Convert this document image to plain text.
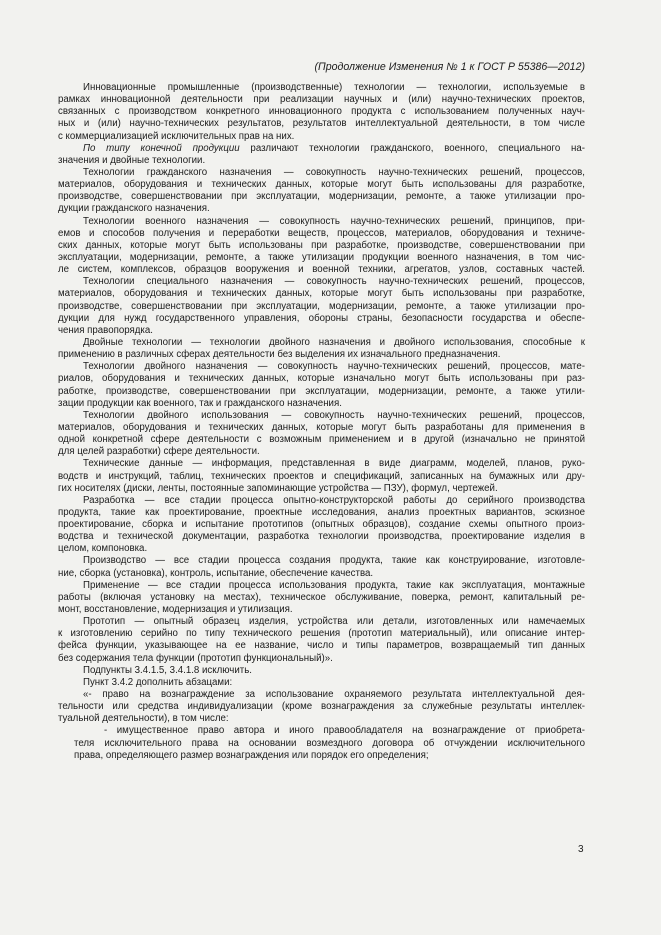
(Продолжение Изменения № 1 к ГОСТ Р 55386—2012)
Инновационные промышленные (производственные) технологии — технологии, используемые в
рамках инновационной деятельности при реализации научных и (или) научно-технических проектов,
связанных с производством конкретного инновационного продукта с использованием полученных науч-
ных и (или) научно-технических результатов, результатов интеллектуальной деятельности, в том числе
с коммерциализацией исключительных прав на них.
По типу конечной продукции различают технологии гражданского, военного, специального на-
значения и двойные технологии.
Технологии гражданского назначения — совокупность научно-технических решений, процессов,
материалов, оборудования и технических данных, которые могут быть использованы для разработке,
производстве, совершенствовании при эксплуатации, модернизации, ремонте, а также утилизации про-
дукции гражданского назначения.
Технологии военного назначения — совокупность научно-технических решений, принципов, при-
емов и способов получения и переработки веществ, процессов, материалов, оборудования и техниче-
ских данных, которые могут быть использованы при разработке, производстве, совершенствовании при
эксплуатации, модернизации, ремонте, а также утилизации продукции военного назначения, в том чис-
ле систем, комплексов, образцов вооружения и военной техники, агрегатов, узлов, составных частей.
Технологии специального назначения — совокупность научно-технических решений, процессов,
материалов, оборудования и технических данных, которые могут быть использованы при разработке,
производстве, совершенствовании при эксплуатации, модернизации, ремонте, а также утилизации про-
дукции для нужд государственного управления, обороны страны, безопасности государства и обеспе-
чения правопорядка.
Двойные технологии — технологии двойного назначения и двойного использования, способные к
применению в различных сферах деятельности без выделения их изначального предназначения.
Технологии двойного назначения — совокупность научно-технических решений, процессов, мате-
риалов, оборудования и технических данных, которые изначально могут быть использованы при раз-
работке, производстве, совершенствовании при эксплуатации, модернизации, ремонте, а также утили-
зации продукции как военного, так и гражданского назначения.
Технологии двойного использования — совокупность научно-технических решений, процессов,
материалов, оборудования и технических данных, которые могут быть разработаны для применения в
одной конкретной сфере деятельности с возможным применением и в другой (изначально не принятой
для целей разработки) сфере деятельности.
Технические данные — информация, представленная в виде диаграмм, моделей, планов, руко-
водств и инструкций, таблиц, технических проектов и спецификаций, записанных на бумажных или дру-
гих носителях (диски, ленты, постоянные запоминающие устройства — ПЗУ), формул, чертежей.
Разработка — все стадии процесса опытно-конструкторской работы до серийного производства
продукта, такие как проектирование, проектные исследования, анализ проектных вариантов, эскизное
проектирование, сборка и испытание прототипов (опытных образцов), создание схемы опытного произ-
водства и технической документации, разработка технологии производства, проектирование изделия в
целом, компоновка.
Производство — все стадии процесса создания продукта, такие как конструирование, изготовле-
ние, сборка (установка), контроль, испытание, обеспечение качества.
Применение — все стадии процесса использования продукта, такие как эксплуатация, монтажные
работы (включая установку на местах), техническое обслуживание, поверка, ремонт, капитальный ре-
монт, восстановление, модернизация и утилизация.
Прототип — опытный образец изделия, устройства или детали, изготовленных или намечаемых
к изготовлению серийно по типу технического решения (прототип материальный), или описание интер-
фейса функции, указывающее на ее название, число и типы параметров, возвращаемый тип данных
без содержания тела функции (прототип функциональный)».
Подпункты 3.4.1.5, 3.4.1.8 исключить.
Пункт 3.4.2 дополнить абзацами:
«- право на вознаграждение за использование охраняемого результата интеллектуальной дея-
тельности или средства индивидуализации (кроме вознаграждения за служебные результаты интеллек-
туальной деятельности), в том числе:
- имущественное право автора и иного правообладателя на вознаграждение от приобрета-
теля исключительного права на основании возмездного договора об отчуждении исключительного
права, определяющего размер вознаграждения или порядок его определения;
3
